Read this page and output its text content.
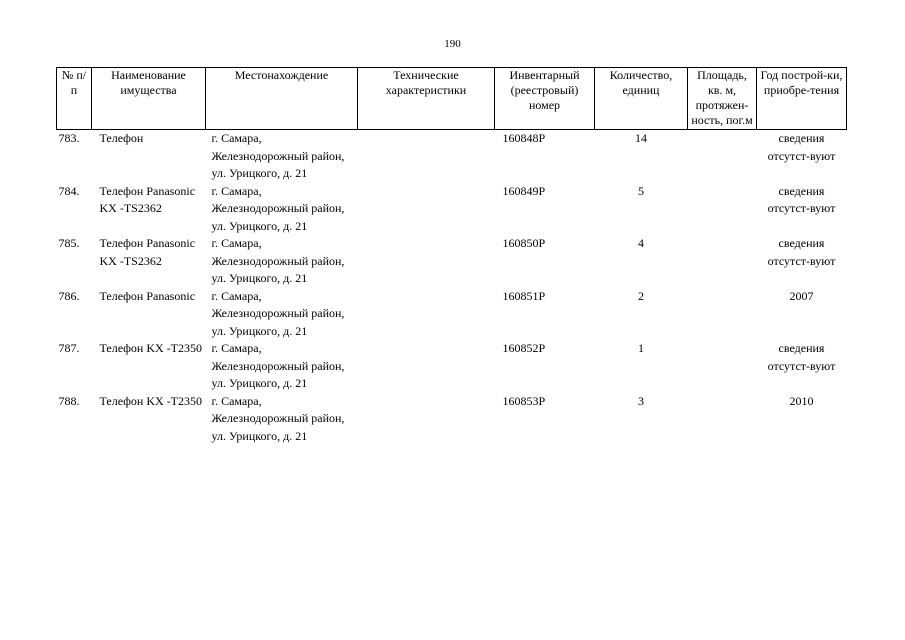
190
№ п/п	Наименование имущества	Местонахождение	Технические характеристики	Инвентарный (реестровый) номер	Количество, единиц	Площадь, кв. м, протяжен-ность, пог.м	Год построй-ки, приобре-тения
783.	Телефон	г. Самара, Железнодорожный район, ул. Урицкого, д. 21		160848Р	14		сведения отсутст-вуют
784.	Телефон Panasonic KX -TS2362	г. Самара, Железнодорожный район, ул. Урицкого, д. 21		160849Р	5		сведения отсутст-вуют
785.	Телефон Panasonic KX -TS2362	г. Самара, Железнодорожный район, ул. Урицкого, д. 21		160850Р	4		сведения отсутст-вуют
786.	Телефон Panasonic	г. Самара, Железнодорожный район, ул. Урицкого, д. 21		160851Р	2		2007
787.	Телефон KX -T2350	г. Самара, Железнодорожный район, ул. Урицкого, д. 21		160852Р	1		сведения отсутст-вуют
788.	Телефон KX -T2350	г. Самара, Железнодорожный район, ул. Урицкого, д. 21		160853Р	3		2010
